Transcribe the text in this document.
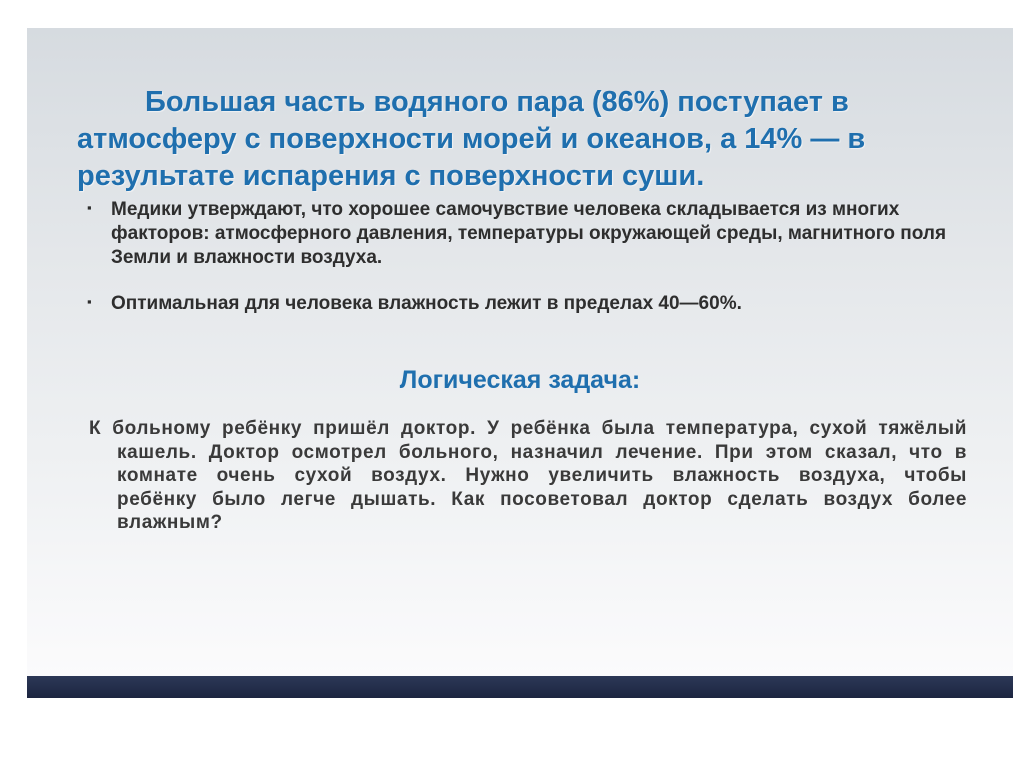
Большая часть водяного пара (86%) поступает в атмосферу с поверхности морей и океанов, а 14% — в результате испарения с поверхности суши.

▪ Медики утверждают, что хорошее самочувствие человека складывается из многих факторов: атмосферного давления, температуры окружающей среды, магнитного поля Земли и влажности воздуха.
▪ Оптимальная для человека влажность лежит в пределах 40—60%.
Логическая задача:

К больному ребёнку пришёл доктор. У ребёнка была температура, сухой тяжёлый кашель. Доктор осмотрел больного, назначил лечение. При этом сказал, что в комнате очень сухой воздух. Нужно увеличить влажность воздуха, чтобы ребёнку было легче дышать. Как посоветовал доктор сделать воздух более влажным?
